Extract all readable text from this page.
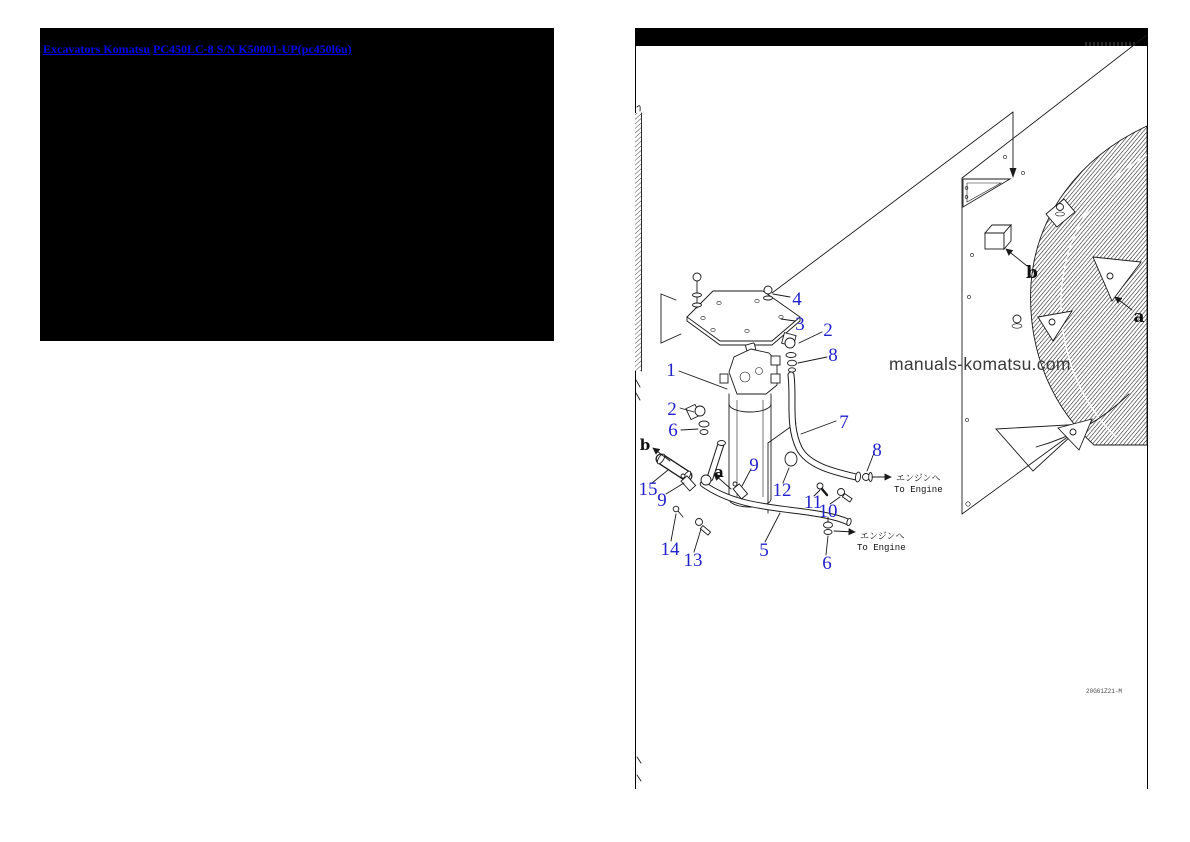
Excavators Komatsu PC450LC-8 S/N K50001-UP(pc450l6u)
エンジンへ
To Engine
エンジンへ
To Engine
4
3 2
8
1
2
6	7
b	8
15
9
a 9
12
11
10
14
13	5
6
b
a
manuals-komatsu.com
20G61Z21-M
